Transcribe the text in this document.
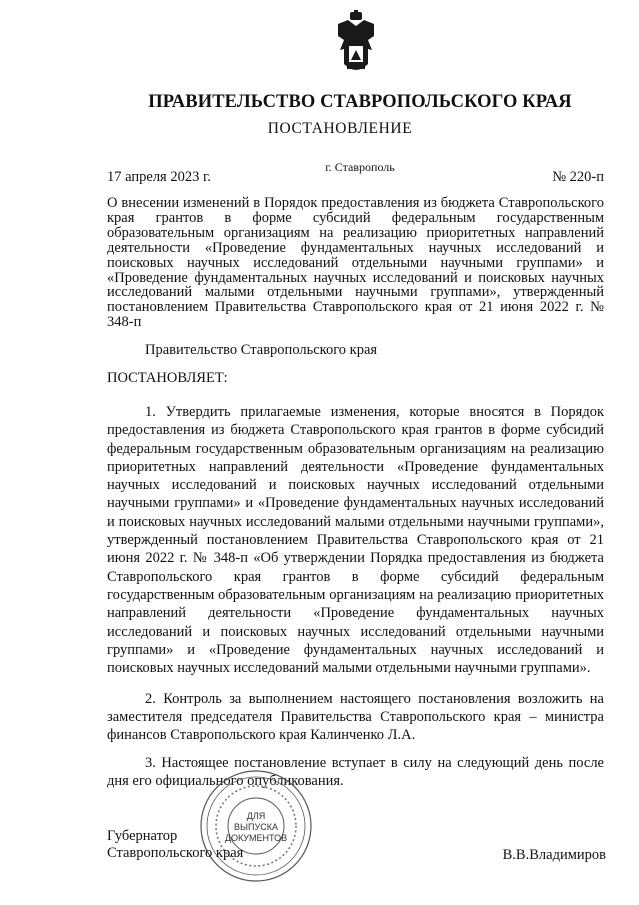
ПРАВИТЕЛЬСТВО СТАВРОПОЛЬСКОГО КРАЯ
ПОСТАНОВЛЕНИЕ
г. Ставрополь
17 апреля 2023 г.	№ 220-п
О внесении изменений в Порядок предоставления из бюджета Ставропольского края грантов в форме субсидий федеральным государственным образовательным организациям на реализацию приоритетных направлений деятельности «Проведение фундаментальных научных исследований и поисковых научных исследований отдельными научными группами» и «Проведение фундаментальных научных исследований и поисковых научных исследований малыми отдельными научными группами», утвержденный постановлением Правительства Ставропольского края от 21 июня 2022 г. № 348-п
Правительство Ставропольского края
ПОСТАНОВЛЯЕТ:
1. Утвердить прилагаемые изменения, которые вносятся в Порядок предоставления из бюджета Ставропольского края грантов в форме субсидий федеральным государственным образовательным организациям на реализацию приоритетных направлений деятельности «Проведение фундаментальных научных исследований и поисковых научных исследований отдельными научными группами» и «Проведение фундаментальных научных исследований и поисковых научных исследований малыми отдельными научными группами», утвержденный постановлением Правительства Ставропольского края от 21 июня 2022 г. № 348-п «Об утверждении Порядка предоставления из бюджета Ставропольского края грантов в форме субсидий федеральным государственным образовательным организациям на реализацию приоритетных направлений деятельности «Проведение фундаментальных научных исследований и поисковых научных исследований отдельными научными группами» и «Проведение фундаментальных научных исследований и поисковых научных исследований малыми отдельными научными группами».
2. Контроль за выполнением настоящего постановления возложить на заместителя председателя Правительства Ставропольского края – министра финансов Ставропольского края Калинченко Л.А.
3. Настоящее постановление вступает в силу на следующий день после дня его официального опубликования.
ДЛЯ
ВЫПУСКА
ДОКУМЕНТОВ
Губернатор
Ставропольского края	В.В.Владимиров
